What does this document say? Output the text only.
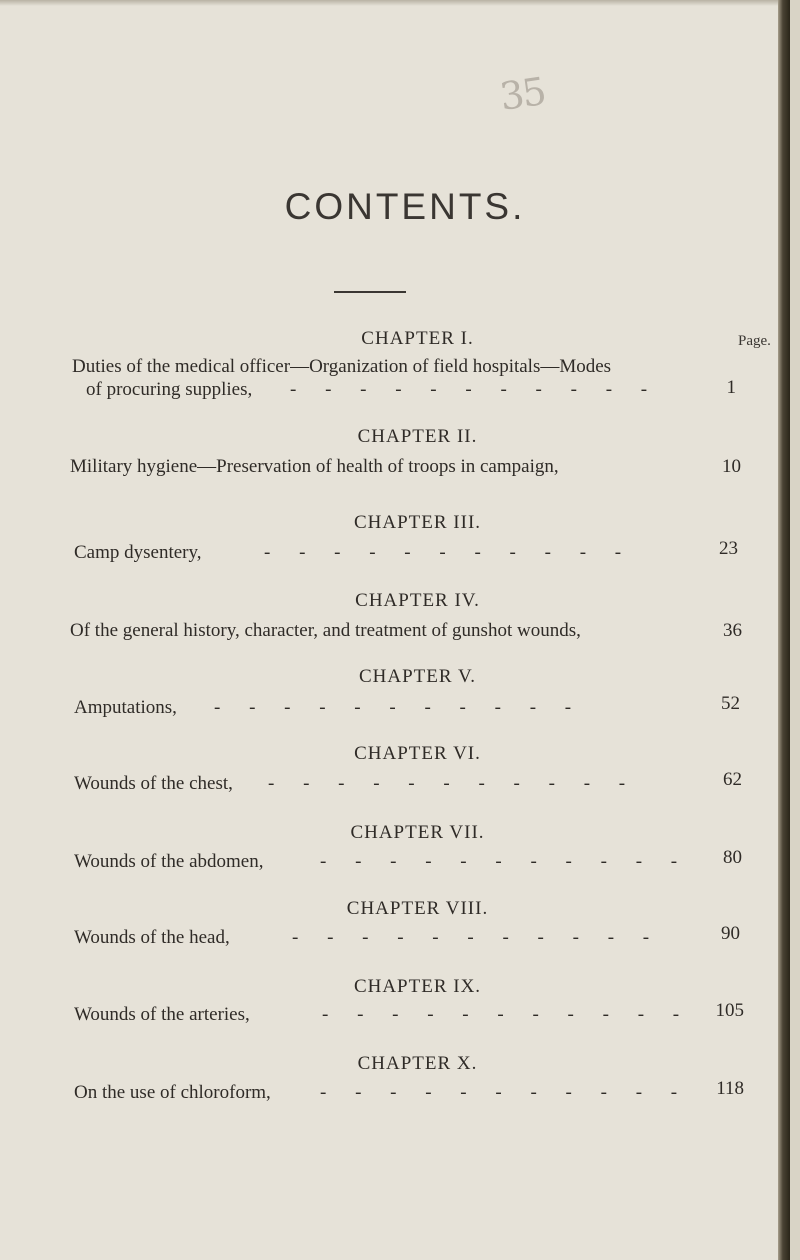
35
CONTENTS.
Page.
CHAPTER I.
Duties of the medical officer—Organization of field hospitals—Modes
of procuring supplies, - - - - - - - - - - -	1
CHAPTER II.
Military hygiene—Preservation of health of troops in campaign,	10
CHAPTER III.
Camp dysentery,	- - - - - - - - - - -	23
CHAPTER IV.
Of the general history, character, and treatment of gunshot wounds,	36
CHAPTER V.
Amputations, - - - - - - - - - - -	52
CHAPTER VI.
Wounds of the chest, - - - - - - - - - - -	62
CHAPTER VII.
Wounds of the abdomen,	- - - - - - - - - - -	80
CHAPTER VIII.
Wounds of the head,	- - - - - - - - - - -	90
CHAPTER IX.
Wounds of the arteries,	- - - - - - - - - - -	105
CHAPTER X.
On the use of chloroform,	- - - - - - - - - - -	118
